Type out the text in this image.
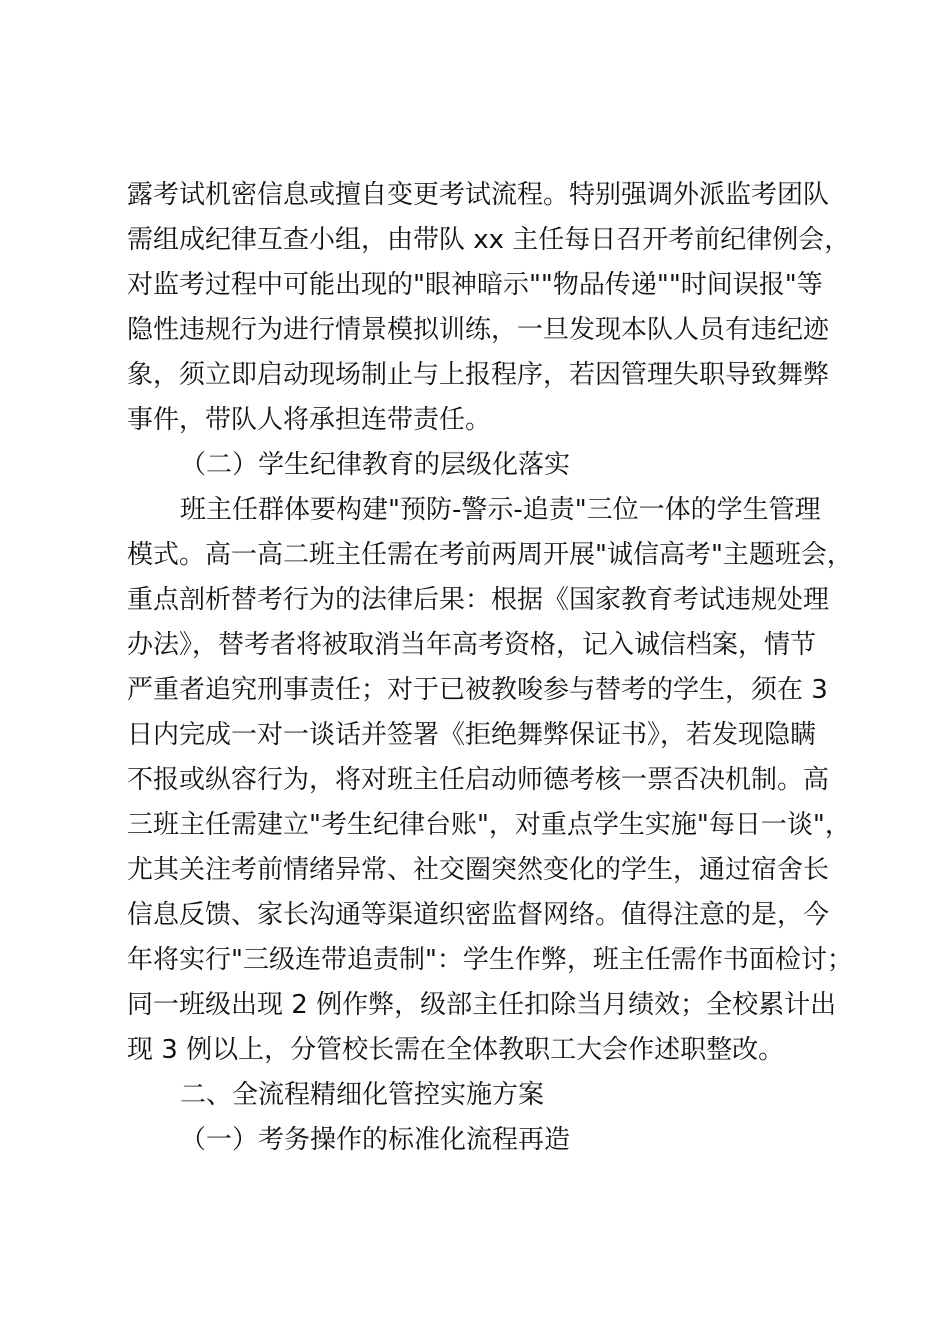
露考试机密信息或擅自变更考试流程。特别强调外派监考团队
需组成纪律互查小组，由带队 xx 主任每日召开考前纪律例会，
对监考过程中可能出现的"眼神暗示""物品传递""时间误报"等
隐性违规行为进行情景模拟训练，一旦发现本队人员有违纪迹
象，须立即启动现场制止与上报程序，若因管理失职导致舞弊
事件，带队人将承担连带责任。
（二）学生纪律教育的层级化落实
班主任群体要构建"预防-警示-追责"三位一体的学生管理
模式。高一高二班主任需在考前两周开展"诚信高考"主题班会，
重点剖析替考行为的法律后果：根据《国家教育考试违规处理
办法》，替考者将被取消当年高考资格，记入诚信档案，情节
严重者追究刑事责任；对于已被教唆参与替考的学生，须在 3
日内完成一对一谈话并签署《拒绝舞弊保证书》，若发现隐瞒
不报或纵容行为，将对班主任启动师德考核一票否决机制。高
三班主任需建立"考生纪律台账"，对重点学生实施"每日一谈"，
尤其关注考前情绪异常、社交圈突然变化的学生，通过宿舍长
信息反馈、家长沟通等渠道织密监督网络。值得注意的是，今
年将实行"三级连带追责制"：学生作弊，班主任需作书面检讨；
同一班级出现 2 例作弊，级部主任扣除当月绩效；全校累计出
现 3 例以上，分管校长需在全体教职工大会作述职整改。
二、全流程精细化管控实施方案
（一）考务操作的标准化流程再造
